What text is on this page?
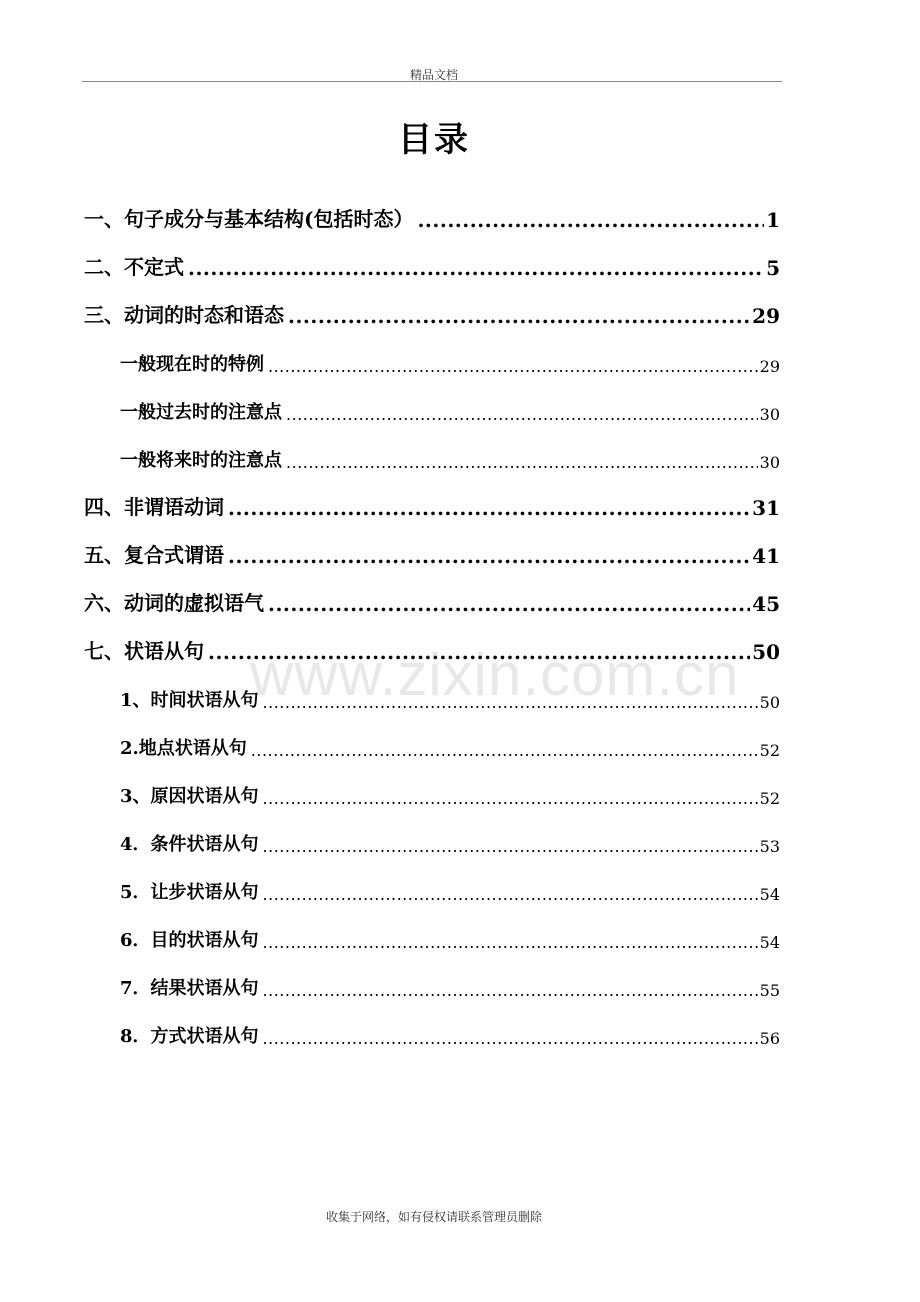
精品文档
目录
一、句子成分与基本结构(包括时态） .....	1
二、不定式 .....	5
三、动词的时态和语态 .....	29
一般现在时的特例 .....	29
一般过去时的注意点 .....	30
一般将来时的注意点 .....	30
四、非谓语动词 .....	31
五、复合式谓语 .....	41
六、动词的虚拟语气 .....	45
七、状语从句 .....	50
1、时间状语从句 .....	50
2.地点状语从句 .....	52
3、原因状语从句 .....	52
4．条件状语从句 .....	53
5．让步状语从句 .....	54
6．目的状语从句 .....	54
7．结果状语从句 .....	55
8．方式状语从句 .....	56
www.zixin.com.cn
收集于网络，如有侵权请联系管理员删除
